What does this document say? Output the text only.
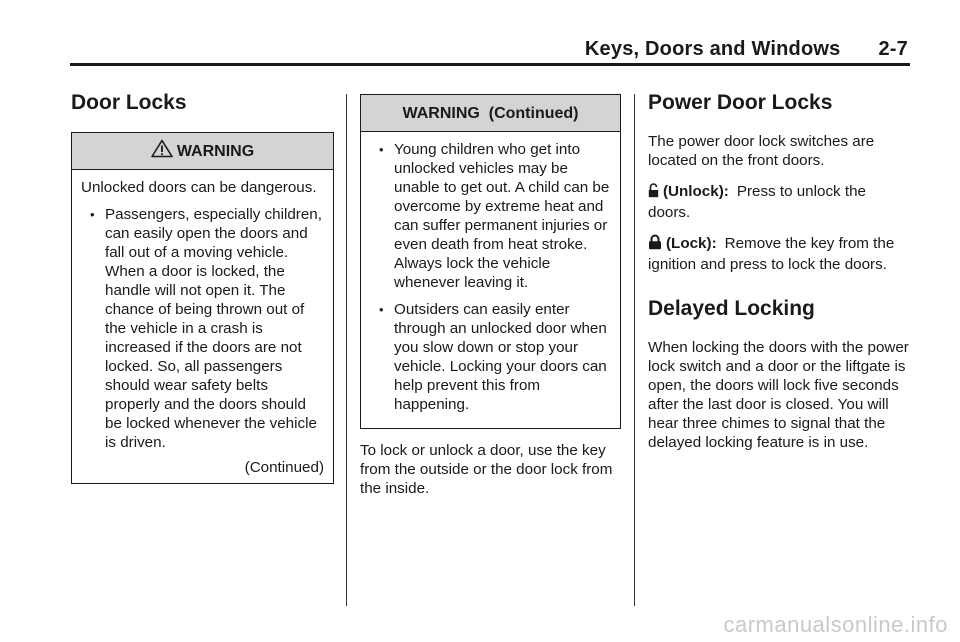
Keys, Doors and Windows 2-7
Door Locks
WARNING

Unlocked doors can be dangerous.

• Passengers, especially children, can easily open the doors and fall out of a moving vehicle. When a door is locked, the handle will not open it. The chance of being thrown out of the vehicle in a crash is increased if the doors are not locked. So, all passengers should wear safety belts properly and the doors should be locked whenever the vehicle is driven.
(Continued)
WARNING  (Continued)
• Young children who get into unlocked vehicles may be unable to get out. A child can be overcome by extreme heat and can suffer permanent injuries or even death from heat stroke. Always lock the vehicle whenever leaving it.
• Outsiders can easily enter through an unlocked door when you slow down or stop your vehicle. Locking your doors can help prevent this from happening.

To lock or unlock a door, use the key from the outside or the door lock from the inside.

Power Door Locks

The power door lock switches are located on the front doors.

(Unlock): Press to unlock the doors.

(Lock): Remove the key from the ignition and press to lock the doors.

Delayed Locking

When locking the doors with the power lock switch and a door or the liftgate is open, the doors will lock five seconds after the last door is closed. You will hear three chimes to signal that the delayed locking feature is in use.

carmanualsonline.info
